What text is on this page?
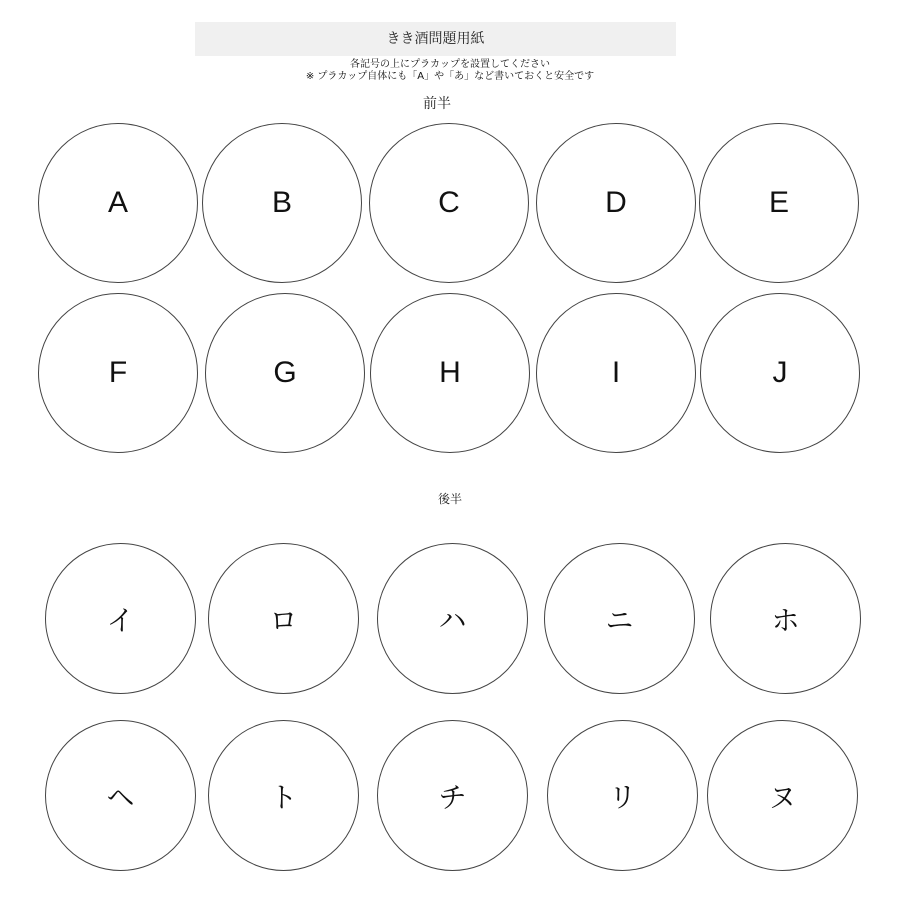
きき酒問題用紙
各記号の上にプラカップを設置してください
※ プラカップ自体にも「A」や「あ」など書いておくと安全です
前半
A	B	C	D	E
F	G	H	I	J
後半
イ	ロ	ハ	ニ	ホ
ヘ	ト	チ	リ	ヌ
